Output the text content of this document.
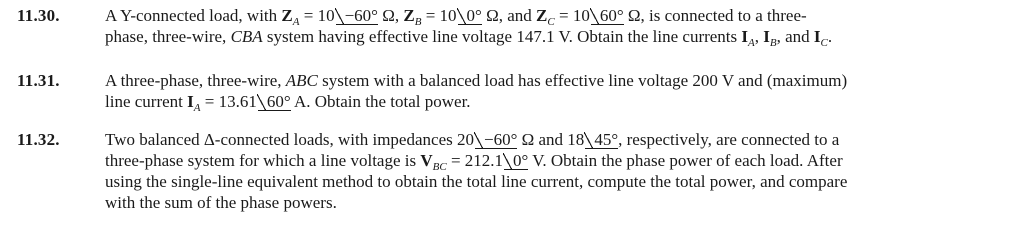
11.30.	A Y-connected load, with $Z_A = 10 -60^\circ$ Ω, $Z_B = 10$ 0° Ω, and $Z_C = 10$ 60° Ω, is connected to a three-
phase, three-wire, CBA system having effective line voltage 147.1 V. Obtain the line currents $I_A$, $I_B$, and $I_C$.
11.31.	A three-phase, three-wire, ABC system with a balanced load has effective line voltage 200 V and (maximum)
line current $I_A = 13.61$ 60° A. Obtain the total power.
11.32.	Two balanced Δ-connected loads, with impedances 20 −60° Ω and 18 45°, respectively, are connected to a
three-phase system for which a line voltage is $V_{BC} = 212.1$ 0° V. Obtain the phase power of each load. After
using the single-line equivalent method to obtain the total line current, compute the total power, and compare
with the sum of the phase powers.
